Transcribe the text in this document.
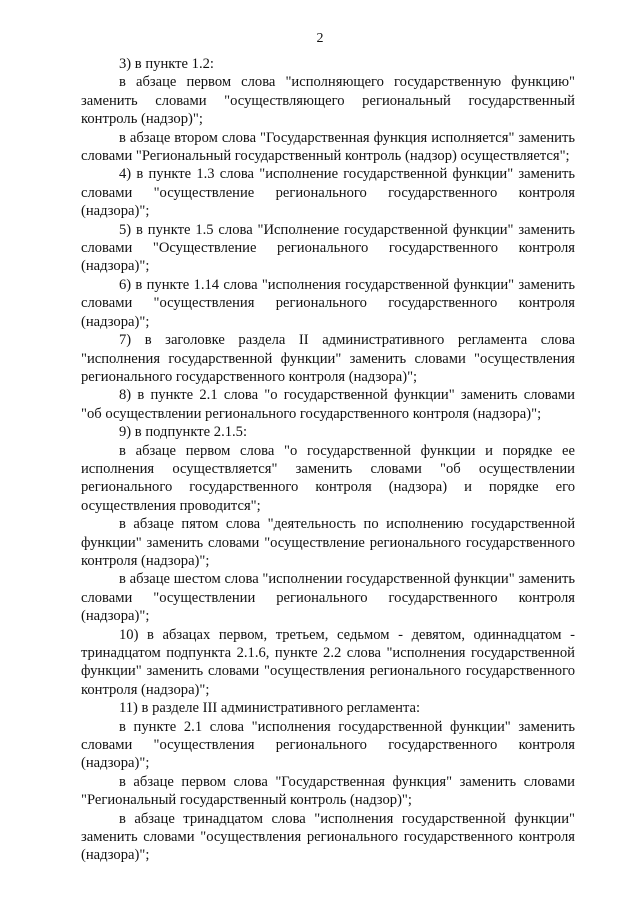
2

3) в пункте 1.2:

в абзаце первом слова "исполняющего государственную функцию" заменить словами "осуществляющего региональный государственный контроль (надзор)";

в абзаце втором слова "Государственная функция исполняется" заменить словами "Региональный государственный контроль (надзор) осуществляется";

4) в пункте 1.3 слова "исполнение государственной функции" заменить словами "осуществление регионального государственного контроля (надзора)";

5) в пункте 1.5 слова "Исполнение государственной функции" заменить словами "Осуществление регионального государственного контроля (надзора)";

6) в пункте 1.14 слова "исполнения государственной функции" заменить словами "осуществления регионального государственного контроля (надзора)";

7) в заголовке раздела II административного регламента слова "исполнения государственной функции" заменить словами "осуществления регионального государственного контроля (надзора)";

8) в пункте 2.1 слова "о государственной функции" заменить словами "об осуществлении регионального государственного контроля (надзора)";

9) в подпункте 2.1.5:

в абзаце первом слова "о государственной функции и порядке ее исполнения осуществляется" заменить словами "об осуществлении регионального государственного контроля (надзора) и порядке его осуществления проводится";

в абзаце пятом слова "деятельность по исполнению государственной функции" заменить словами "осуществление регионального государственного контроля (надзора)";

в абзаце шестом слова "исполнении государственной функции" заменить словами "осуществлении регионального государственного контроля (надзора)";

10) в абзацах первом, третьем, седьмом - девятом, одиннадцатом - тринадцатом подпункта 2.1.6, пункте 2.2 слова "исполнения государственной функции" заменить словами "осуществления регионального государственного контроля (надзора)";

11) в разделе III административного регламента:

в пункте 2.1 слова "исполнения государственной функции" заменить словами "осуществления регионального государственного контроля (надзора)";

в абзаце первом слова "Государственная функция" заменить словами "Региональный государственный контроль (надзор)";

в абзаце тринадцатом слова "исполнения государственной функции" заменить словами "осуществления регионального государственного контроля (надзора)";
